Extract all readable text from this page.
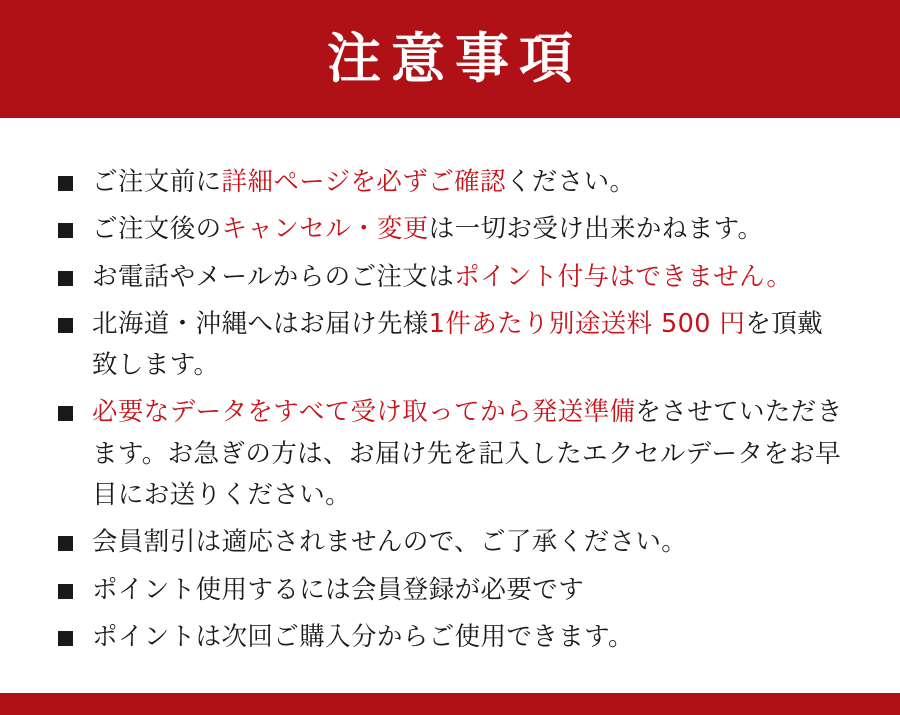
注意事項
ご注文前に詳細ページを必ずご確認ください。
ご注文後のキャンセル・変更は一切お受け出来かねます。
お電話やメールからのご注文はポイント付与はできません。
北海道・沖縄へはお届け先様1件あたり別途送料 500 円を頂戴致します。
必要なデータをすべて受け取ってから発送準備をさせていただきます。お急ぎの方は、お届け先を記入したエクセルデータをお早目にお送りください。
会員割引は適応されませんので、ご了承ください。
ポイント使用するには会員登録が必要です
ポイントは次回ご購入分からご使用できます。
